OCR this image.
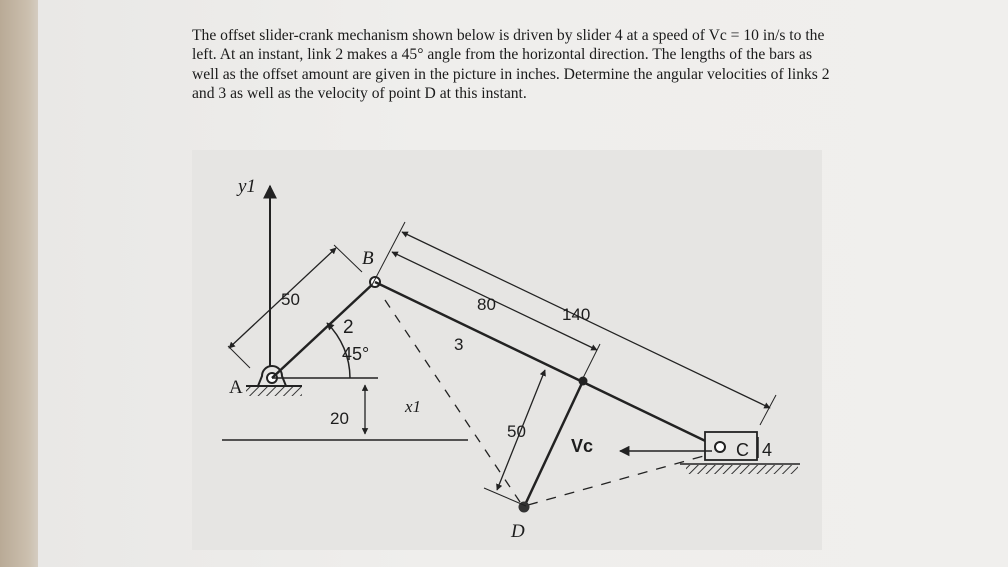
The offset slider-crank mechanism shown below is driven by slider 4 at a speed of Vc = 10 in/s to the left. At an instant, link 2 makes a 45° angle from the horizontal direction. The lengths of the bars as well as the offset amount are given in the picture in inches. Determine the angular velocities of links 2 and 3 as well as the velocity of point D at this instant.

y1
A
2
45°
50
B
3
80
140
D
50
20
x1
C 4
Vc
